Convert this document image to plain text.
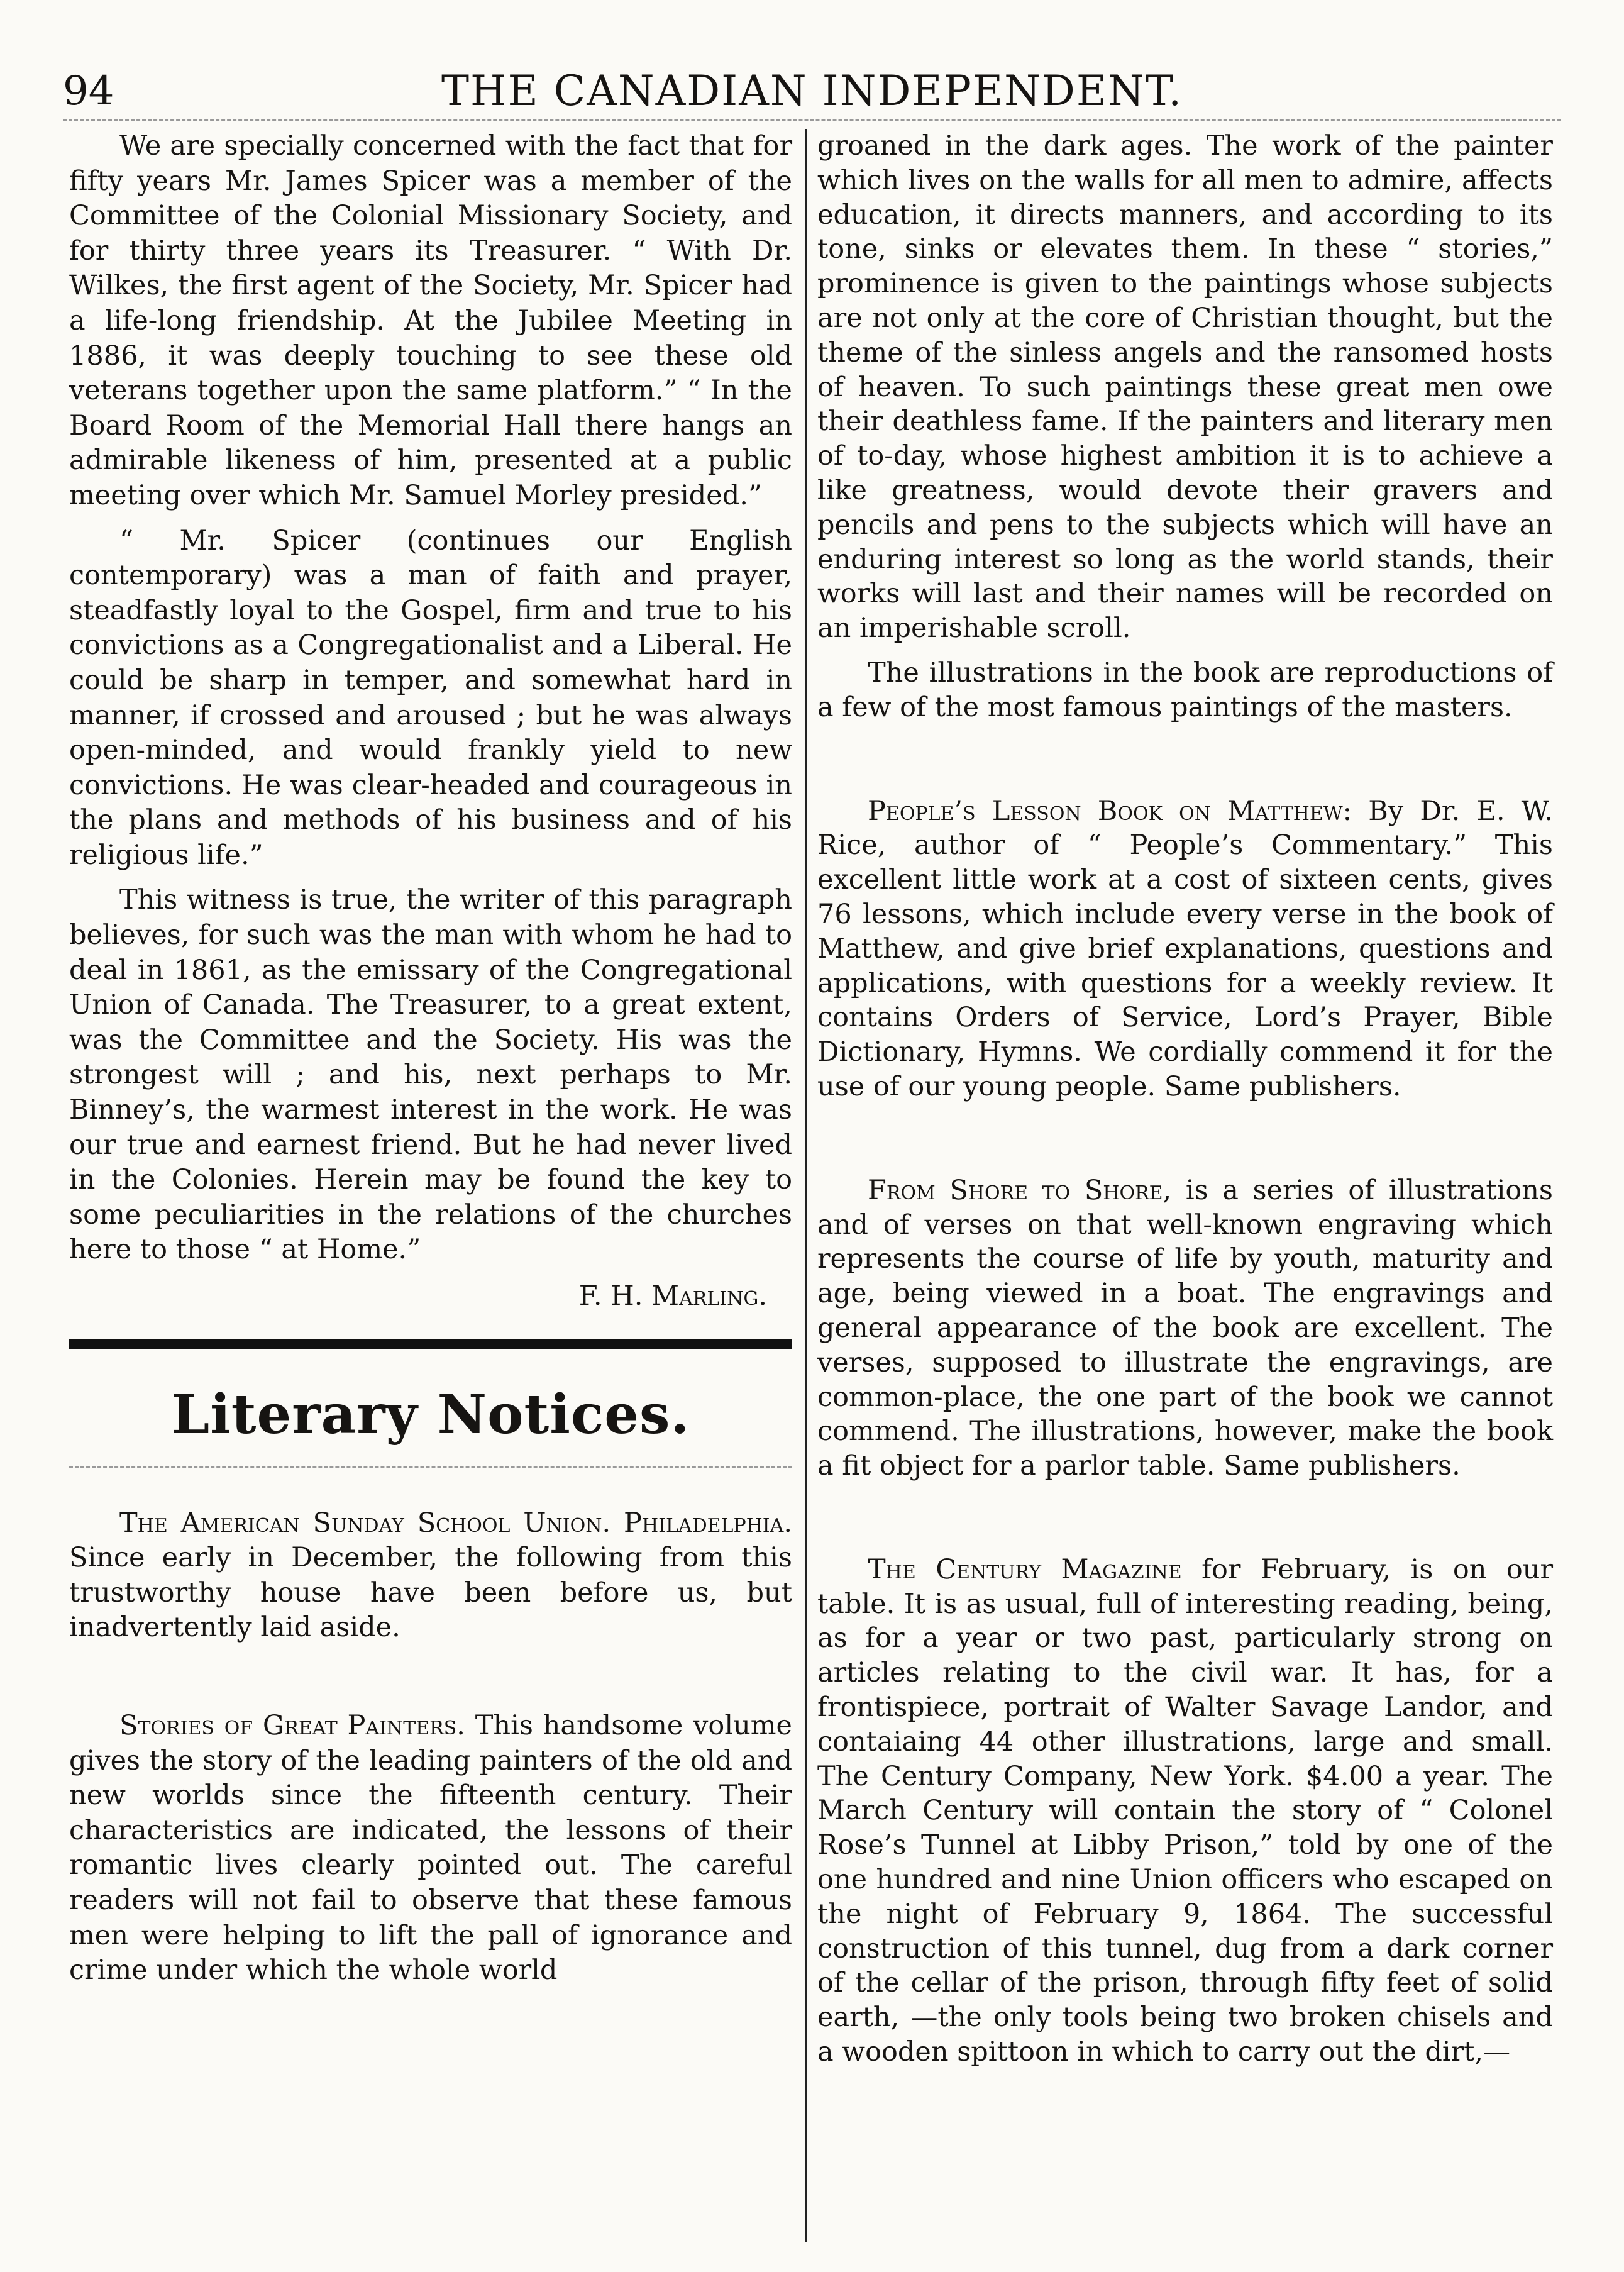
94	THE CANADIAN INDEPENDENT.

We are specially concerned with the fact that for fifty years Mr. James Spicer was a member of the Committee of the Colonial Missionary Society, and for thirty three years its Treasurer. “ With Dr. Wilkes, the first agent of the Society, Mr. Spicer had a life-long friendship. At the Jubilee Meeting in 1886, it was deeply touching to see these old veterans together upon the same platform.” “ In the Board Room of the Memorial Hall there hangs an admirable likeness of him, presented at a public meeting over which Mr. Samuel Morley presided.”

“ Mr. Spicer (continues our English contemporary) was a man of faith and prayer, steadfastly loyal to the Gospel, firm and true to his convictions as a Congregationalist and a Liberal. He could be sharp in temper, and somewhat hard in manner, if crossed and aroused ; but he was always open-minded, and would frankly yield to new convictions. He was clear-headed and courageous in the plans and methods of his business and of his religious life.”

This witness is true, the writer of this paragraph believes, for such was the man with whom he had to deal in 1861, as the emissary of the Congregational Union of Canada. The Treasurer, to a great extent, was the Committee and the Society. His was the strongest will ; and his, next perhaps to Mr. Binney’s, the warmest interest in the work. He was our true and earnest friend. But he had never lived in the Colonies. Herein may be found the key to some peculiarities in the relations of the churches here to those “ at Home.”

F. H. Marling.

Literary Notices.

The American Sunday School Union. Philadelphia. Since early in December, the following from this trustworthy house have been before us, but inadvertently laid aside.

Stories of Great Painters. This handsome volume gives the story of the leading painters of the old and new worlds since the fifteenth century. Their characteristics are indicated, the lessons of their romantic lives clearly pointed out. The careful readers will not fail to observe that these famous men were helping to lift the pall of ignorance and crime under which the whole world

groaned in the dark ages. The work of the painter which lives on the walls for all men to admire, affects education, it directs manners, and according to its tone, sinks or elevates them. In these “ stories,” prominence is given to the paintings whose subjects are not only at the core of Christian thought, but the theme of the sinless angels and the ransomed hosts of heaven. To such paintings these great men owe their deathless fame. If the painters and literary men of to-day, whose highest ambition it is to achieve a like greatness, would devote their gravers and pencils and pens to the subjects which will have an enduring interest so long as the world stands, their works will last and their names will be recorded on an imperishable scroll.

The illustrations in the book are reproductions of a few of the most famous paintings of the masters.

People’s Lesson Book on Matthew: By Dr. E. W. Rice, author of “ People’s Commentary.” This excellent little work at a cost of sixteen cents, gives 76 lessons, which include every verse in the book of Matthew, and give brief explanations, questions and applications, with questions for a weekly review. It contains Orders of Service, Lord’s Prayer, Bible Dictionary, Hymns. We cordially commend it for the use of our young people. Same publishers.

From Shore to Shore, is a series of illustrations and of verses on that well-known engraving which represents the course of life by youth, maturity and age, being viewed in a boat. The engravings and general appearance of the book are excellent. The verses, supposed to illustrate the engravings, are common-place, the one part of the book we cannot commend. The illustrations, however, make the book a fit object for a parlor table. Same publishers.

The Century Magazine for February, is on our table. It is as usual, full of interesting reading, being, as for a year or two past, particularly strong on articles relating to the civil war. It has, for a frontispiece, portrait of Walter Savage Landor, and contaiaing 44 other illustrations, large and small. The Century Company, New York. $4.00 a year. The March Century will contain the story of “ Colonel Rose’s Tunnel at Libby Prison,” told by one of the one hundred and nine Union officers who escaped on the night of February 9, 1864. The successful construction of this tunnel, dug from a dark corner of the cellar of the prison, through fifty feet of solid earth, —the only tools being two broken chisels and a wooden spittoon in which to carry out the dirt,—
